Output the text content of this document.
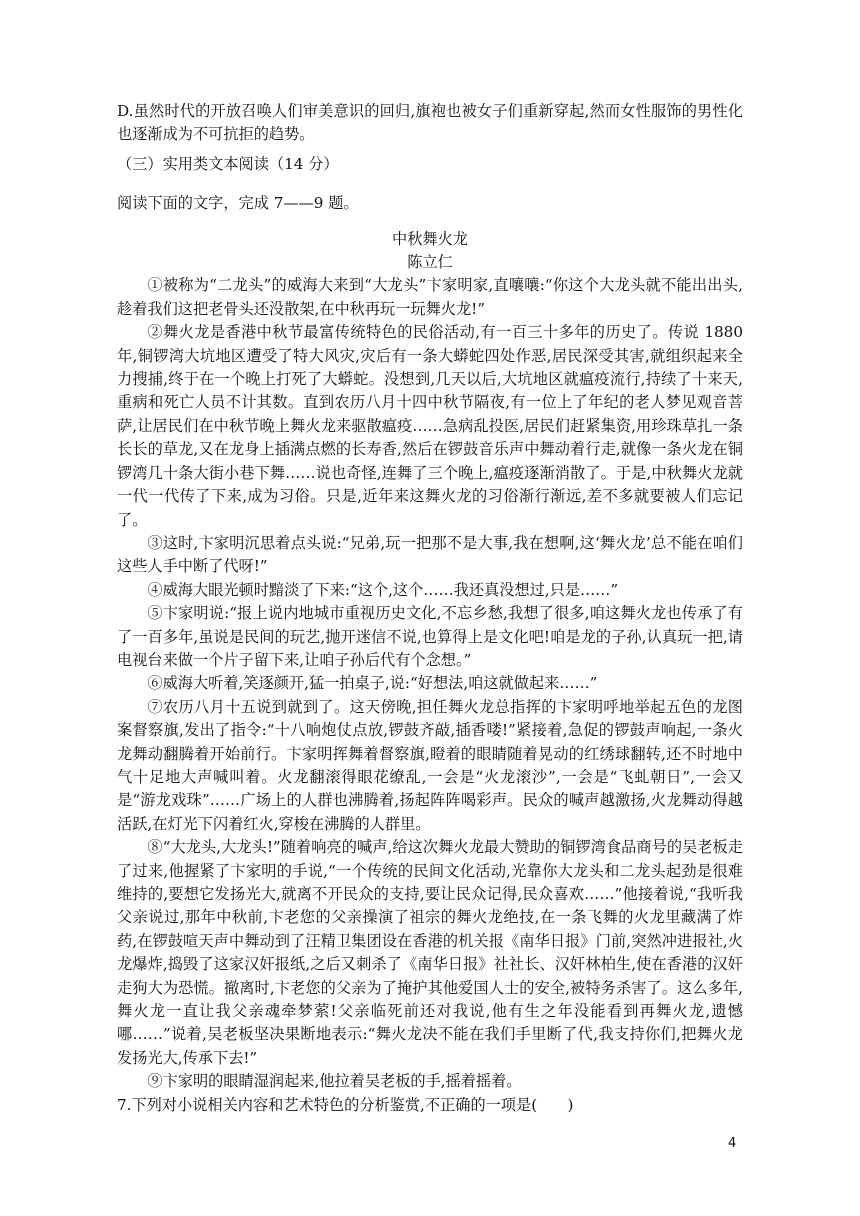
D.虽然时代的开放召唤人们审美意识的回归,旗袍也被女子们重新穿起,然而女性服饰的男性化也逐渐成为不可抗拒的趋势。

（三）实用类文本阅读（14 分）

阅读下面的文字，完成 7——9 题。

中秋舞火龙

陈立仁

①被称为“二龙头”的威海大来到“大龙头”卞家明家,直嚷嚷:“你这个大龙头就不能出出头,趁着我们这把老骨头还没散架,在中秋再玩一玩舞火龙!”

②舞火龙是香港中秋节最富传统特色的民俗活动,有一百三十多年的历史了。传说 1880年,铜锣湾大坑地区遭受了特大风灾,灾后有一条大蟒蛇四处作恶,居民深受其害,就组织起来全力搜捕,终于在一个晚上打死了大蟒蛇。没想到,几天以后,大坑地区就瘟疫流行,持续了十来天,重病和死亡人员不计其数。直到农历八月十四中秋节隔夜,有一位上了年纪的老人梦见观音菩萨,让居民们在中秋节晚上舞火龙来驱散瘟疫……急病乱投医,居民们赶紧集资,用珍珠草扎一条长长的草龙,又在龙身上插满点燃的长寿香,然后在锣鼓音乐声中舞动着行走,就像一条火龙在铜锣湾几十条大街小巷下舞……说也奇怪,连舞了三个晚上,瘟疫逐渐消散了。于是,中秋舞火龙就一代一代传了下来,成为习俗。只是,近年来这舞火龙的习俗渐行渐远,差不多就要被人们忘记了。

③这时,卞家明沉思着点头说:“兄弟,玩一把那不是大事,我在想啊,这‘舞火龙’总不能在咱们这些人手中断了代呀!”

④威海大眼光顿时黯淡了下来:“这个,这个……我还真没想过,只是……”

⑤卞家明说:“报上说内地城市重视历史文化,不忘乡愁,我想了很多,咱这舞火龙也传承了有了一百多年,虽说是民间的玩艺,抛开迷信不说,也算得上是文化吧!咱是龙的子孙,认真玩一把,请电视台来做一个片子留下来,让咱子孙后代有个念想。”

⑥威海大听着,笑逐颜开,猛一拍桌子,说:“好想法,咱这就做起来……”

⑦农历八月十五说到就到了。这天傍晚,担任舞火龙总指挥的卞家明呼地举起五色的龙图案督察旗,发出了指令:“十八响炮仗点放,锣鼓齐敲,插香喽!”紧接着,急促的锣鼓声响起,一条火龙舞动翻腾着开始前行。卞家明挥舞着督察旗,瞪着的眼睛随着晃动的红绣球翻转,还不时地中气十足地大声喊叫着。火龙翻滚得眼花缭乱,一会是“火龙滚沙”,一会是“飞虬朝日”,一会又是“游龙戏珠”……广场上的人群也沸腾着,扬起阵阵喝彩声。民众的喊声越激扬,火龙舞动得越活跃,在灯光下闪着红火,穿梭在沸腾的人群里。

⑧“大龙头,大龙头!”随着响亮的喊声,给这次舞火龙最大赞助的铜锣湾食品商号的吴老板走了过来,他握紧了卞家明的手说,“一个传统的民间文化活动,光靠你大龙头和二龙头起劲是很难维持的,要想它发扬光大,就离不开民众的支持,要让民众记得,民众喜欢……”他接着说,“我听我父亲说过,那年中秋前,卞老您的父亲操演了祖宗的舞火龙绝技,在一条飞舞的火龙里藏满了炸药,在锣鼓喧天声中舞动到了汪精卫集团设在香港的机关报《南华日报》门前,突然冲进报社,火龙爆炸,捣毁了这家汉奸报纸,之后又刺杀了《南华日报》社社长、汉奸林柏生,使在香港的汉奸走狗大为恐慌。撤离时,卞老您的父亲为了掩护其他爱国人士的安全,被特务杀害了。这么多年,舞火龙一直让我父亲魂牵梦萦!父亲临死前还对我说,他有生之年没能看到再舞火龙,遗憾哪……”说着,吴老板坚决果断地表示:“舞火龙决不能在我们手里断了代,我支持你们,把舞火龙发扬光大,传承下去!”

⑨卞家明的眼睛湿润起来,他拉着吴老板的手,摇着摇着。

7.下列对小说相关内容和艺术特色的分析鉴赏,不正确的一项是(　　)

4
